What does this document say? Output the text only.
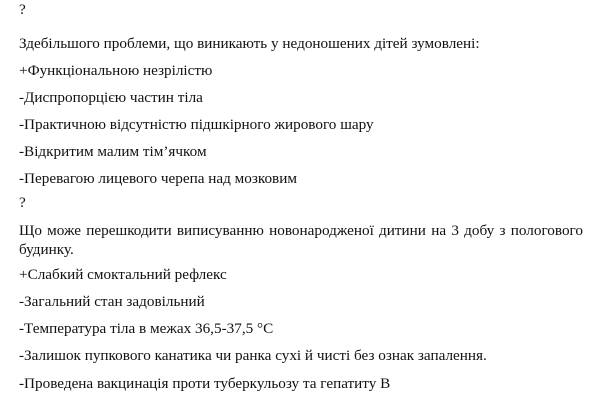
?

Здебільшого проблеми, що виникають у недоношених дітей зумовлені:

+Функціональною незрілістю

-Диспропорцією частин тіла

-Практичною відсутністю підшкірного жирового шару

-Відкритим малим тім’ячком

-Перевагою лицевого черепа над мозковим

?

Що може перешкодити виписуванню новонародженої дитини на 3 добу з пологового будинку.

+Слабкий смоктальний рефлекс

-Загальний стан задовільний

-Температура тіла в межах 36,5-37,5 °С

-Залишок пупкового канатика чи ранка сухі й чисті без ознак запалення.

-Проведена вакцинація проти туберкульозу та гепатиту В
